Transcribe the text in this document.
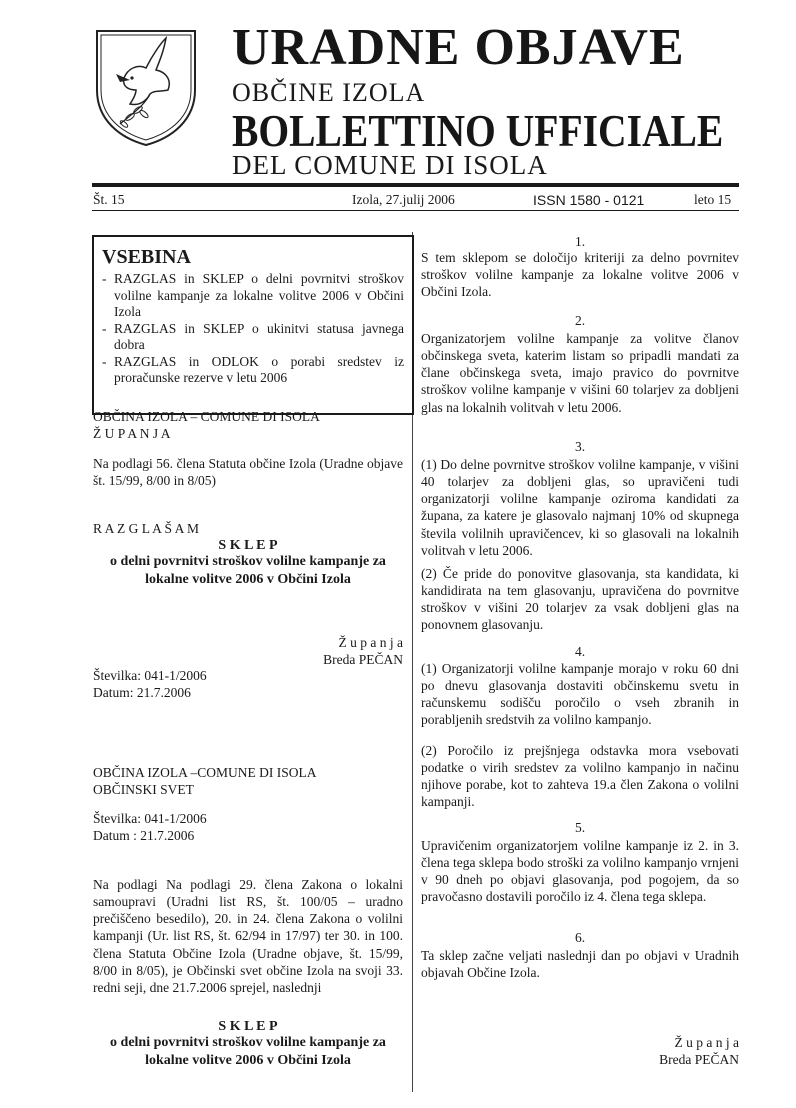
URADNE OBJAVE
OBČINE IZOLA
BOLLETTINO UFFICIALE
DEL COMUNE DI ISOLA
Št. 15	Izola, 27.julij 2006	ISSN 1580 - 0121	leto 15
VSEBINA
- RAZGLAS in SKLEP o delni povrnitvi stroškov volilne kampanje za lokalne volitve 2006 v Občini Izola
- RAZGLAS in SKLEP o ukinitvi statusa javnega dobra
- RAZGLAS in ODLOK o porabi sredstev iz proračunske rezerve v letu 2006
OBČINA IZOLA – COMUNE DI ISOLA
Ž U P A N J A
Na podlagi 56. člena Statuta občine Izola (Uradne objave št. 15/99, 8/00 in 8/05)
R A Z G L A Š A M
S K L E P
o delni povrnitvi stroškov volilne kampanje za lokalne volitve 2006 v Občini Izola
Ž u p a n j a
Breda PEČAN
Številka: 041-1/2006
Datum: 21.7.2006
OBČINA IZOLA –COMUNE DI ISOLA
OBČINSKI SVET
Številka: 041-1/2006
Datum : 21.7.2006
Na podlagi Na podlagi 29. člena Zakona o lokalni samoupravi (Uradni list RS, št. 100/05 – uradno prečiščeno besedilo), 20. in 24. člena Zakona o volilni kampanji (Ur. list RS, št. 62/94 in 17/97) ter 30. in 100. člena Statuta Občine Izola (Uradne objave, št. 15/99, 8/00 in 8/05), je Občinski svet občine Izola na svoji 33. redni seji, dne 21.7.2006 sprejel, naslednji
S K L E P
o delni povrnitvi stroškov volilne kampanje za lokalne volitve 2006 v Občini Izola
1.
S tem sklepom se določijo kriteriji za delno povrnitev stroškov volilne kampanje za lokalne volitve 2006 v Občini Izola.
2.
Organizatorjem volilne kampanje za volitve članov občinskega sveta, katerim listam so pripadli mandati za člane občinskega sveta, imajo pravico do povrnitve stroškov volilne kampanje v višini 60 tolarjev za dobljeni glas na lokalnih volitvah v letu 2006.
3.
(1) Do delne povrnitve stroškov volilne kampanje, v višini 40 tolarjev za dobljeni glas, so upravičeni tudi organizatorji volilne kampanje oziroma kandidati za župana, za katere je glasovalo najmanj 10% od skupnega števila volilnih upravičencev, ki so glasovali na lokalnih volitvah v letu 2006.
(2) Če pride do ponovitve glasovanja, sta kandidata, ki kandidirata na tem glasovanju, upravičena do povrnitve stroškov v višini 20 tolarjev za vsak dobljeni glas na ponovnem glasovanju.
4.
(1) Organizatorji volilne kampanje morajo v roku 60 dni po dnevu glasovanja dostaviti občinskemu svetu in računskemu sodišču poročilo o vseh zbranih in porabljenih sredstvih za volilno kampanjo.
(2) Poročilo iz prejšnjega odstavka mora vsebovati podatke o virih sredstev za volilno kampanjo in načinu njihove porabe, kot to zahteva 19.a člen Zakona o volilni kampanji.
5.
Upravičenim organizatorjem volilne kampanje iz 2. in 3. člena tega sklepa bodo stroški za volilno kampanjo vrnjeni v 90 dneh po objavi glasovanja, pod pogojem, da so pravočasno dostavili poročilo iz 4. člena tega sklepa.
6.
Ta sklep začne veljati naslednji dan po objavi v Uradnih objavah Občine Izola.
Ž u p a n j a
Breda PEČAN
